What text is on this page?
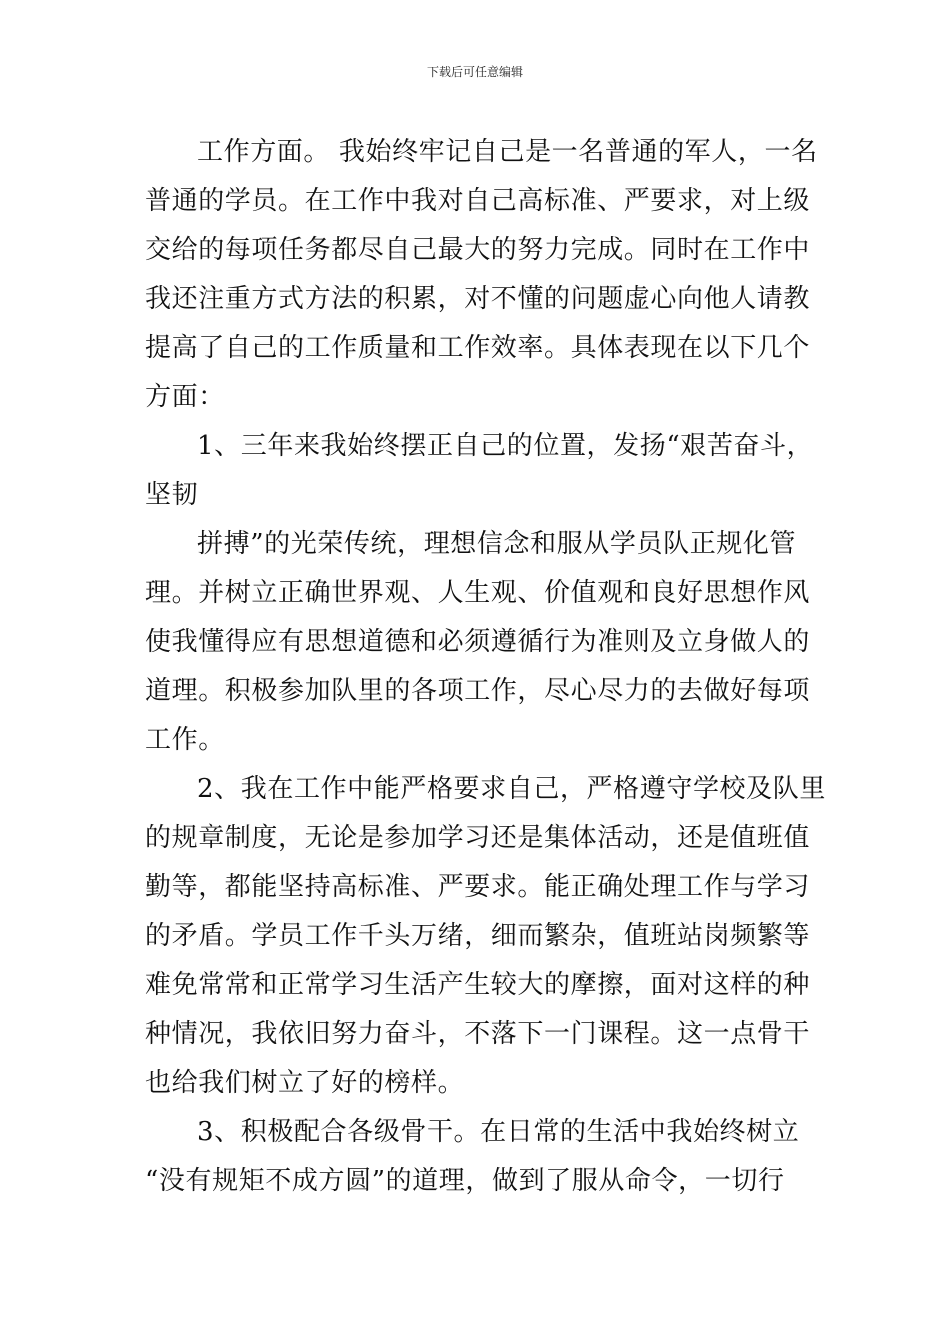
下载后可任意编辑
工作方面。 我始终牢记自己是一名普通的军人，一名
普通的学员。在工作中我对自己高标准、严要求，对上级
交给的每项任务都尽自己最大的努力完成。同时在工作中
我还注重方式方法的积累，对不懂的问题虚心向他人请教
提高了自己的工作质量和工作效率。具体表现在以下几个
方面：
1、三年来我始终摆正自己的位置，发扬“艰苦奋斗，
坚韧
拼搏”的光荣传统，理想信念和服从学员队正规化管
理。并树立正确世界观、人生观、价值观和良好思想作风
使我懂得应有思想道德和必须遵循行为准则及立身做人的
道理。积极参加队里的各项工作，尽心尽力的去做好每项
工作。
2、我在工作中能严格要求自己，严格遵守学校及队里
的规章制度，无论是参加学习还是集体活动，还是值班值
勤等，都能坚持高标准、严要求。能正确处理工作与学习
的矛盾。学员工作千头万绪，细而繁杂，值班站岗频繁等
难免常常和正常学习生活产生较大的摩擦，面对这样的种
种情况，我依旧努力奋斗，不落下一门课程。这一点骨干
也给我们树立了好的榜样。
3、积极配合各级骨干。在日常的生活中我始终树立
“没有规矩不成方圆”的道理，做到了服从命令，一切行
